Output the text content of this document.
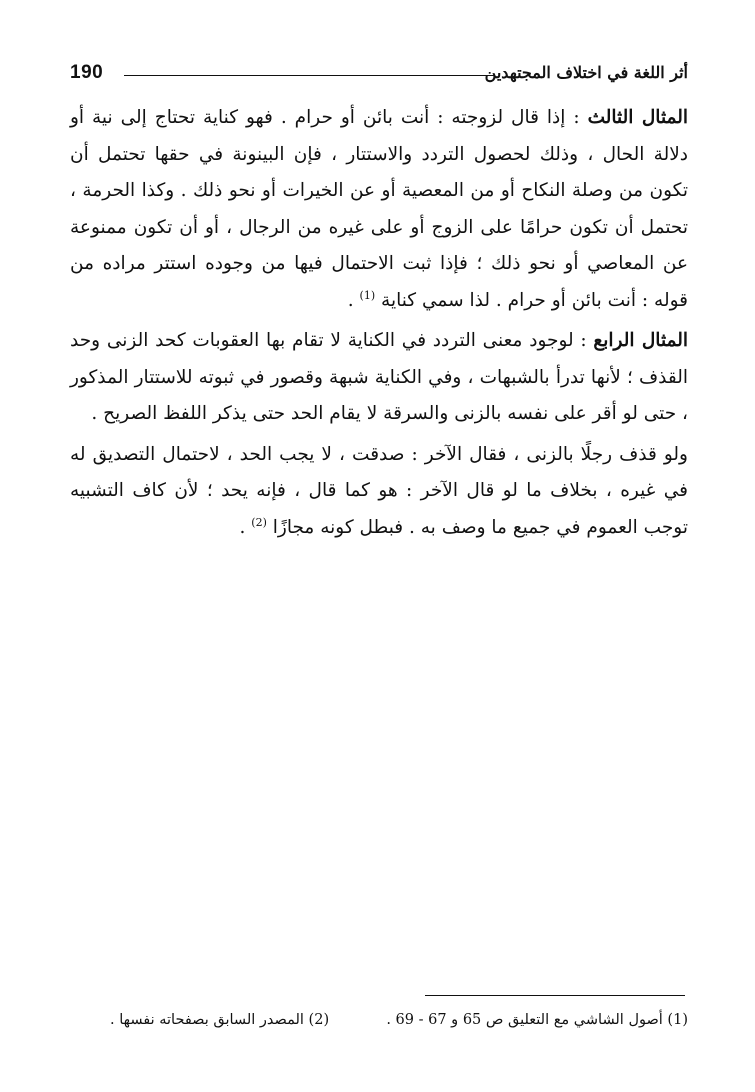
190	أثر اللغة في اختلاف المجتهدين

المثال الثالث : إذا قال لزوجته : أنت بائن أو حرام . فهو كناية تحتاج إلى نية أو دلالة الحال ، وذلك لحصول التردد والاستتار ، فإن البينونة في حقها تحتمل أن تكون من وصلة النكاح أو من المعصية أو عن الخيرات أو نحو ذلك . وكذا الحرمة ، تحتمل أن تكون حرامًا على الزوج أو على غيره من الرجال ، أو أن تكون ممنوعة عن المعاصي أو نحو ذلك ؛ فإذا ثبت الاحتمال فيها من وجوده استتر مراده من قوله : أنت بائن أو حرام . لذا سمي كناية $^{(1)}$ .

المثال الرابع : لوجود معنى التردد في الكناية لا تقام بها العقوبات كحد الزنى وحد القذف ؛ لأنها تدرأ بالشبهات ، وفي الكناية شبهة وقصور في ثبوته للاستتار المذكور ، حتى لو أقر على نفسه بالزنى والسرقة لا يقام الحد حتى يذكر اللفظ الصريح .

ولو قذف رجلًا بالزنى ، فقال الآخر : صدقت ، لا يجب الحد ، لاحتمال التصديق له في غيره ، بخلاف ما لو قال الآخر : هو كما قال ، فإنه يحد ؛ لأن كاف التشبيه توجب العموم في جميع ما وصف به . فبطل كونه مجازًا $^{(2)}$ .

(1) أصول الشاشي مع التعليق ص 65 و 67 - 69 .
(2) المصدر السابق بصفحاته نفسها .
